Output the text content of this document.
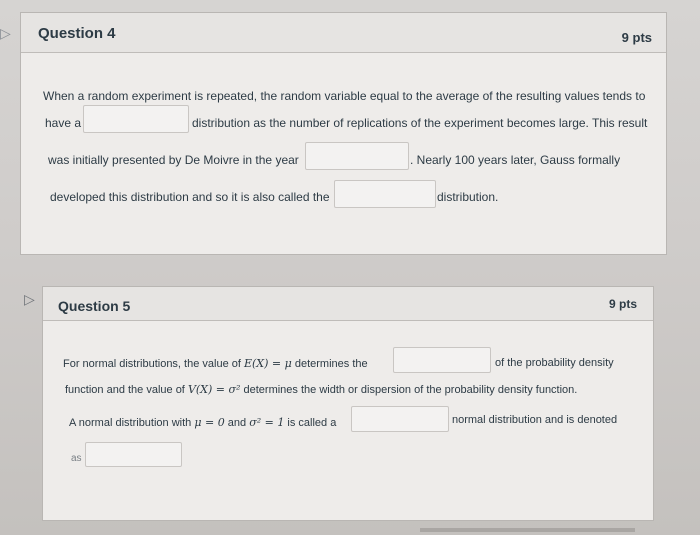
▷ Question 4	9 pts
When a random experiment is repeated, the random variable equal to the average of the resulting values tends to
have a	distribution as the number of replications of the experiment becomes large. This result
was initially presented by De Moivre in the year	. Nearly 100 years later, Gauss formally
developed this distribution and so it is also called the	distribution.
▷ Question 5	9 pts
For normal distributions, the value of E(X) = μ determines the	of the probability density
function and the value of V(X) = σ² determines the width or dispersion of the probability density function.
A normal distribution with μ = 0 and σ² = 1 is called a	normal distribution and is denoted
as
